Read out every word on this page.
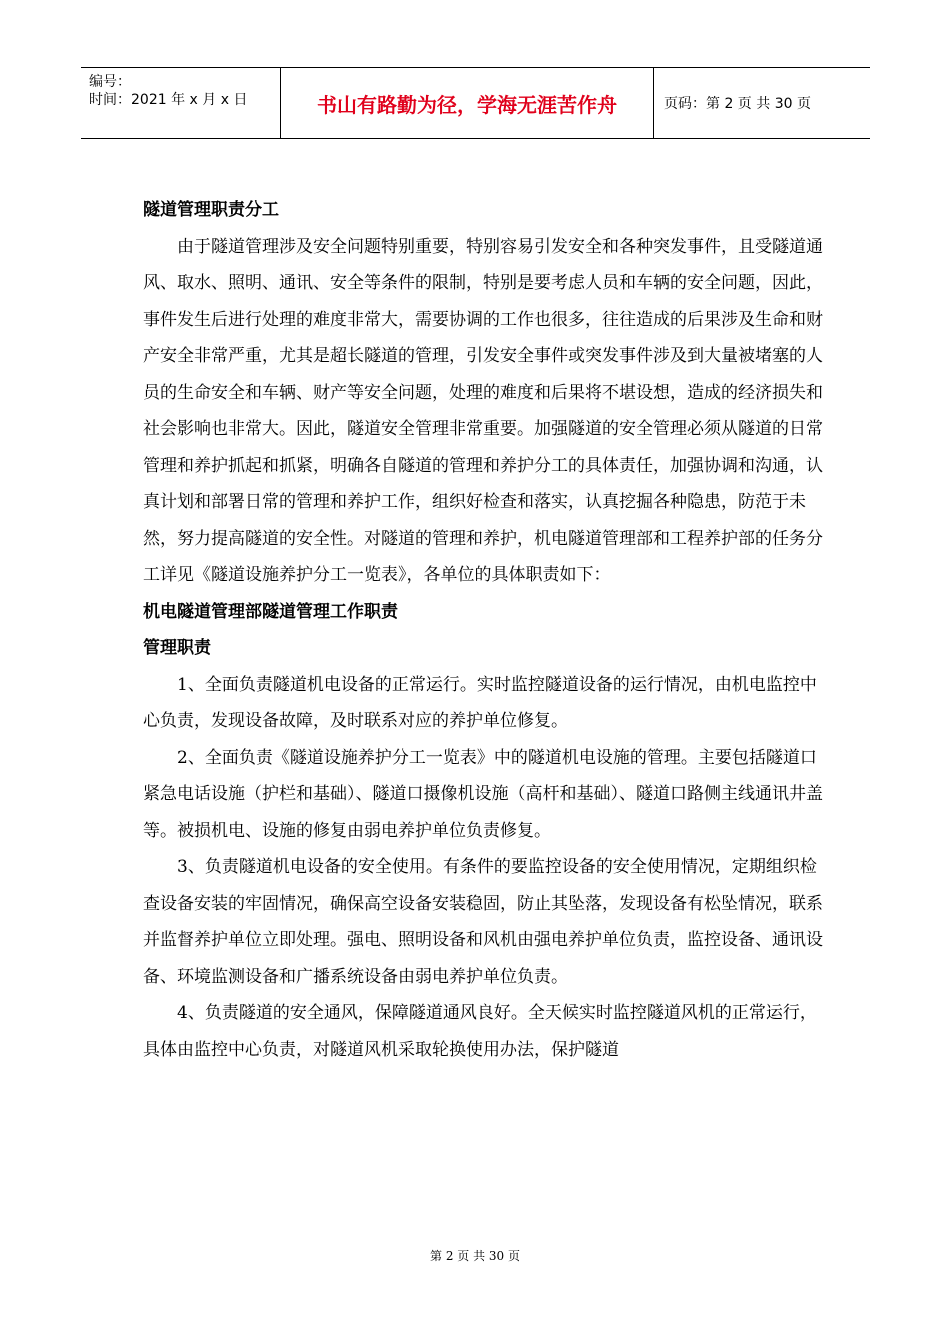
编号：
时间：2021 年 x 月 x 日	书山有路勤为径，学海无涯苦作舟	页码：第 2 页 共 30 页

隧道管理职责分工

由于隧道管理涉及安全问题特别重要，特别容易引发安全和各种突发事件，且受隧道通风、取水、照明、通讯、安全等条件的限制，特别是要考虑人员和车辆的安全问题，因此，事件发生后进行处理的难度非常大，需要协调的工作也很多，往往造成的后果涉及生命和财产安全非常严重，尤其是超长隧道的管理，引发安全事件或突发事件涉及到大量被堵塞的人员的生命安全和车辆、财产等安全问题，处理的难度和后果将不堪设想，造成的经济损失和社会影响也非常大。因此，隧道安全管理非常重要。加强隧道的安全管理必须从隧道的日常管理和养护抓起和抓紧，明确各自隧道的管理和养护分工的具体责任，加强协调和沟通，认真计划和部署日常的管理和养护工作，组织好检查和落实，认真挖掘各种隐患，防范于未然，努力提高隧道的安全性。对隧道的管理和养护，机电隧道管理部和工程养护部的任务分工详见《隧道设施养护分工一览表》，各单位的具体职责如下：

机电隧道管理部隧道管理工作职责

管理职责

1、全面负责隧道机电设备的正常运行。实时监控隧道设备的运行情况，由机电监控中心负责，发现设备故障，及时联系对应的养护单位修复。

2、全面负责《隧道设施养护分工一览表》中的隧道机电设施的管理。主要包括隧道口紧急电话设施（护栏和基础）、隧道口摄像机设施（高杆和基础）、隧道口路侧主线通讯井盖等。被损机电、设施的修复由弱电养护单位负责修复。

3、负责隧道机电设备的安全使用。有条件的要监控设备的安全使用情况，定期组织检查设备安装的牢固情况，确保高空设备安装稳固，防止其坠落，发现设备有松坠情况，联系并监督养护单位立即处理。强电、照明设备和风机由强电养护单位负责，监控设备、通讯设备、环境监测设备和广播系统设备由弱电养护单位负责。

4、负责隧道的安全通风，保障隧道通风良好。全天候实时监控隧道风机的正常运行，具体由监控中心负责，对隧道风机采取轮换使用办法，保护隧道

第 2 页 共 30 页
